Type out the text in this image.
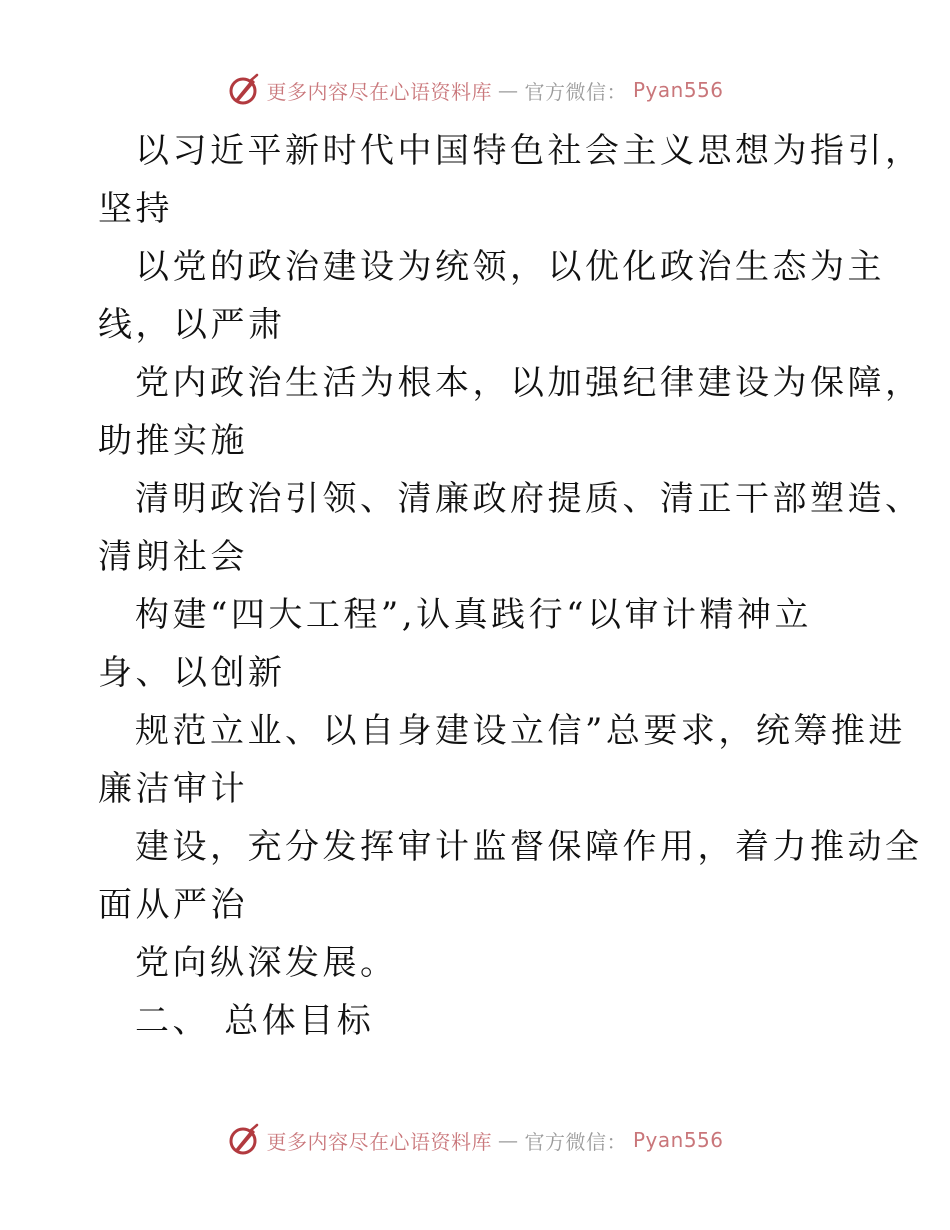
更多内容尽在心语资料库 — 官方微信： Pyan556
以习近平新时代中国特色社会主义思想为指引，
坚持
以党的政治建设为统领，以优化政治生态为主
线，以严肃
党内政治生活为根本，以加强纪律建设为保障，
助推实施
清明政治引领、清廉政府提质、清正干部塑造、
清朗社会
构建“四大工程”,认真践行“以审计精神立
身、以创新
规范立业、以自身建设立信”总要求，统筹推进
廉洁审计
建设，充分发挥审计监督保障作用，着力推动全
面从严治
党向纵深发展。
二、 总体目标
更多内容尽在心语资料库 — 官方微信： Pyan556
